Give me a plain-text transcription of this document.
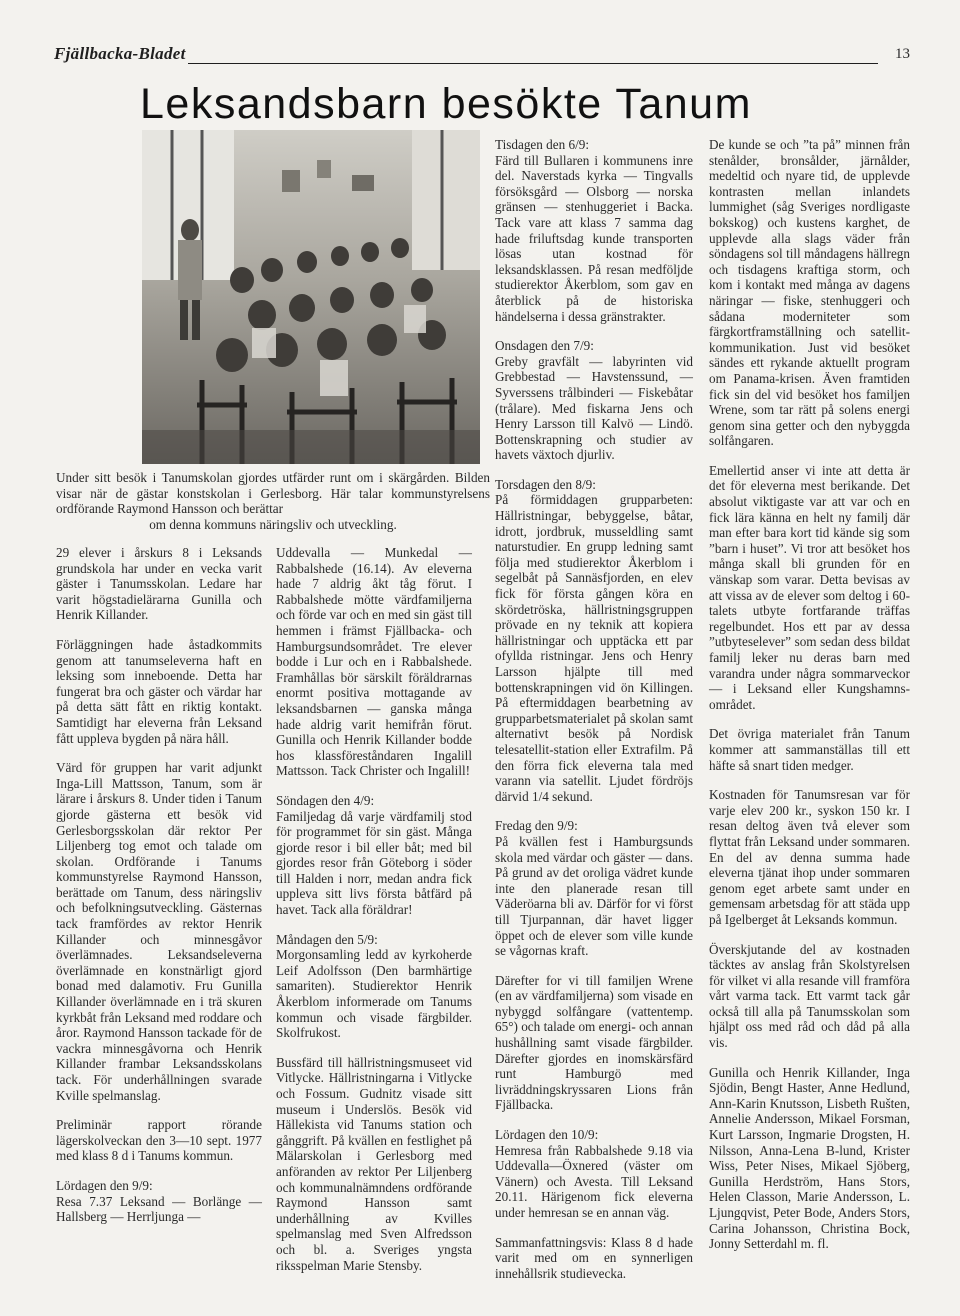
Fjällbacka-Bladet	13
Leksandsbarn besökte Tanum
Under sitt besök i Tanumskolan gjordes utfärder runt om i skärgården. Bilden visar när de gästar konstskolan i Gerlesborg. Här talar kommunstyrelsens ordförande Raymond Hansson och berättar
om denna kommuns näringsliv och utveckling.

29 elever i årskurs 8 i Leksands grundskola har under en vecka varit gäster i Tanumsskolan. Ledare har varit högstadielärarna Gunilla och Henrik Killander.

Förläggningen hade åstadkommits genom att tanumseleverna haft en leksing som inneboende. Detta har fungerat bra och gäster och värdar har på detta sätt fått en riktig kontakt. Samtidigt har eleverna från Leksand fått uppleva bygden på nära håll.

Värd för gruppen har varit adjunkt Inga-Lill Mattsson, Tanum, som är lärare i årskurs 8. Under tiden i Tanum gjorde gästerna ett besök vid Gerlesborgsskolan där rektor Per Liljenberg tog emot och talade om skolan. Ordförande i Tanums kommunstyrelse Raymond Hansson, berättade om Tanum, dess näringsliv och befolkningsutveckling. Gästernas tack framfördes av rektor Henrik Killander och minnesgåvor överlämnades. Leksandseleverna överlämnade en konstnärligt gjord bonad med dalamotiv. Fru Gunilla Killander överlämnade en i trä skuren kyrkbåt från Leksand med roddare och åror. Raymond Hansson tackade för de vackra minnesgåvorna och Henrik Killander frambar Leksandsskolans tack. För underhållningen svarade Kville spelmanslag.

Preliminär rapport rörande lägerskolveckan den 3—10 sept. 1977 med klass 8 d i Tanums kommun.

Lördagen den 9/9:

Resa 7.37 Leksand — Borlänge — Hallsberg — Herrljunga —

Uddevalla — Munkedal — Rabbalshede (16.14). Av eleverna hade 7 aldrig åkt tåg förut. I Rabbalshede mötte värdfamiljerna och förde var och en med sin gäst till hemmen i främst Fjällbacka- och Hamburgsundsområdet. Tre elever bodde i Lur och en i Rabbalshede. Framhållas bör särskilt föräldrarnas enormt positiva mottagande av leksandsbarnen — ganska många hade aldrig varit hemifrån förut. Gunilla och Henrik Killander bodde hos klassföreståndaren Ingalill Mattsson. Tack Christer och Ingalill!

Söndagen den 4/9:

Familjedag då varje värdfamilj stod för programmet för sin gäst. Många gjorde resor i bil eller båt; med bil gjordes resor från Göteborg i söder till Halden i norr, medan andra fick uppleva sitt livs första båtfärd på havet. Tack alla föräldrar!

Måndagen den 5/9:

Morgonsamling ledd av kyrkoherde Leif Adolfsson (Den barmhärtige samariten). Studierektor Henrik Åkerblom informerade om Tanums kommun och visade färgbilder. Skolfrukost.

Bussfärd till hällristningsmuseet vid Vitlycke. Hällristningarna i Vitlycke och Fossum. Gudnitz visade sitt museum i Underslös. Besök vid Hällekista vid Tanums station och gånggrift. På kvällen en festlighet på Mälarskolan i Gerlesborg med anföranden av rektor Per Liljenberg och kommunalnämndens ordförande Raymond Hansson samt underhållning av Kvilles spelmanslag med Sven Alfredsson och bl. a. Sveriges yngsta riksspelman Marie Stensby.

Tisdagen den 6/9:

Färd till Bullaren i kommunens inre del. Naverstads kyrka — Tingvalls försöksgård — Olsborg — norska gränsen — stenhuggeriet i Backa. Tack vare att klass 7 samma dag hade friluftsdag kunde transporten lösas utan kostnad för leksandsklassen. På resan medföljde studierektor Åkerblom, som gav en återblick på de historiska händelserna i dessa gränstrakter.

Onsdagen den 7/9:

Greby gravfält — labyrinten vid Grebbestad — Havstenssund, — Syverssens trålbinderi — Fiskebåtar (trålare). Med fiskarna Jens och Henry Larsson till Kalvö — Lindö. Bottenskrapning och studier av havets växtoch djurliv.

Torsdagen den 8/9:

På förmiddagen grupparbeten: Hällristningar, bebyggelse, båtar, idrott, jordbruk, musseldling samt naturstudier. En grupp ledning samt följa med studierektor Åkerblom i segelbåt på Sannäsfjorden, en elev fick för första gången köra en skördetröska, hällristningsgruppen prövade en ny teknik att kopiera hällristningar och upptäcka ett par ofyllda ristningar. Jens och Henry Larsson hjälpte till med bottenskrapningen vid ön Killingen. På eftermiddagen bearbetning av grupparbetsmaterialet på skolan samt alternativt besök på Nordisk telesatellit-station eller Extrafilm. På den förra fick eleverna tala med varann via satellit. Ljudet fördröjs därvid 1/4 sekund.

Fredag den 9/9:

På kvällen fest i Hamburgsunds skola med värdar och gäster — dans. På grund av det oroliga vädret kunde inte den planerade resan till Väderöarna bli av. Därför for vi först till Tjurpannan, där havet ligger öppet och de elever som ville kunde se vågornas kraft.

Därefter for vi till familjen Wrene (en av värdfamiljerna) som visade en nybyggd solfångare (vattentemp. 65°) och talade om energi- och annan hushållning samt visade färgbilder. Därefter gjordes en inomskärsfärd runt Hamburgö med livräddningskryssaren Lions från Fjällbacka.

Lördagen den 10/9:

Hemresa från Rabbalshede 9.18 via Uddevalla—Öxnered (väster om Vänern) och Avesta. Till Leksand 20.11. Härigenom fick eleverna under hemresan se en annan väg.

Sammanfattningsvis: Klass 8 d hade varit med om en synnerligen innehållsrik studievecka.

De kunde se och ”ta på” minnen från stenålder, bronsålder, järnålder, medeltid och nyare tid, de upplevde kontrasten mellan inlandets lummighet (såg Sveriges nordligaste bokskog) och kustens karghet, de upplevde alla slags väder från söndagens sol till måndagens hällregn och tisdagens kraftiga storm, och kom i kontakt med många av dagens näringar — fiske, stenhuggeri och sådana moderniteter som färgkortframställning och satellit-kommunikation. Just vid besöket sändes ett rykande aktuellt program om Panama-krisen. Även framtiden fick sin del vid besöket hos familjen Wrene, som tar rätt på solens energi genom sina getter och den nybyggda solfångaren.

Emellertid anser vi inte att detta är det för eleverna mest berikande. Det absolut viktigaste var att var och en fick lära känna en helt ny familj där man efter bara kort tid kände sig som ”barn i huset”. Vi tror att besöket hos många skall bli grunden för en vänskap som varar. Detta bevisas av att vissa av de elever som deltog i 60-talets utbyte fortfarande träffas regelbundet. Hos ett par av dessa ”utbyteselever” som sedan dess bildat familj leker nu deras barn med varandra under några sommarveckor — i Leksand eller Kungshamns-området.

Det övriga materialet från Tanum kommer att sammanställas till ett häfte så snart tiden medger.

Kostnaden för Tanumsresan var för varje elev 200 kr., syskon 150 kr. I resan deltog även två elever som flyttat från Leksand under sommaren. En del av denna summa hade eleverna tjänat ihop under sommaren genom eget arbete samt under en gemensam arbetsdag för att städa upp på Igelberget åt Leksands kommun.

Överskjutande del av kostnaden täcktes av anslag från Skolstyrelsen för vilket vi alla resande vill framföra vårt varma tack. Ett varmt tack går också till alla på Tanumsskolan som hjälpt oss med råd och dåd på alla vis.

Gunilla och Henrik Killander, Inga Sjödin, Bengt Haster, Anne Hedlund, Ann-Karin Knutsson, Lisbeth Rušten, Annelie Andersson, Mikael Forsman, Kurt Larsson, Ingmarie Drogsten, H. Nilsson, Anna-Lena B-lund, Krister Wiss, Peter Nises, Mikael Sjöberg, Gunilla Herdström, Hans Stors, Helen Classon, Marie Andersson, L. Ljungqvist, Peter Bode, Anders Stors, Carina Johansson, Christina Bock, Jonny Setterdahl m. fl.
